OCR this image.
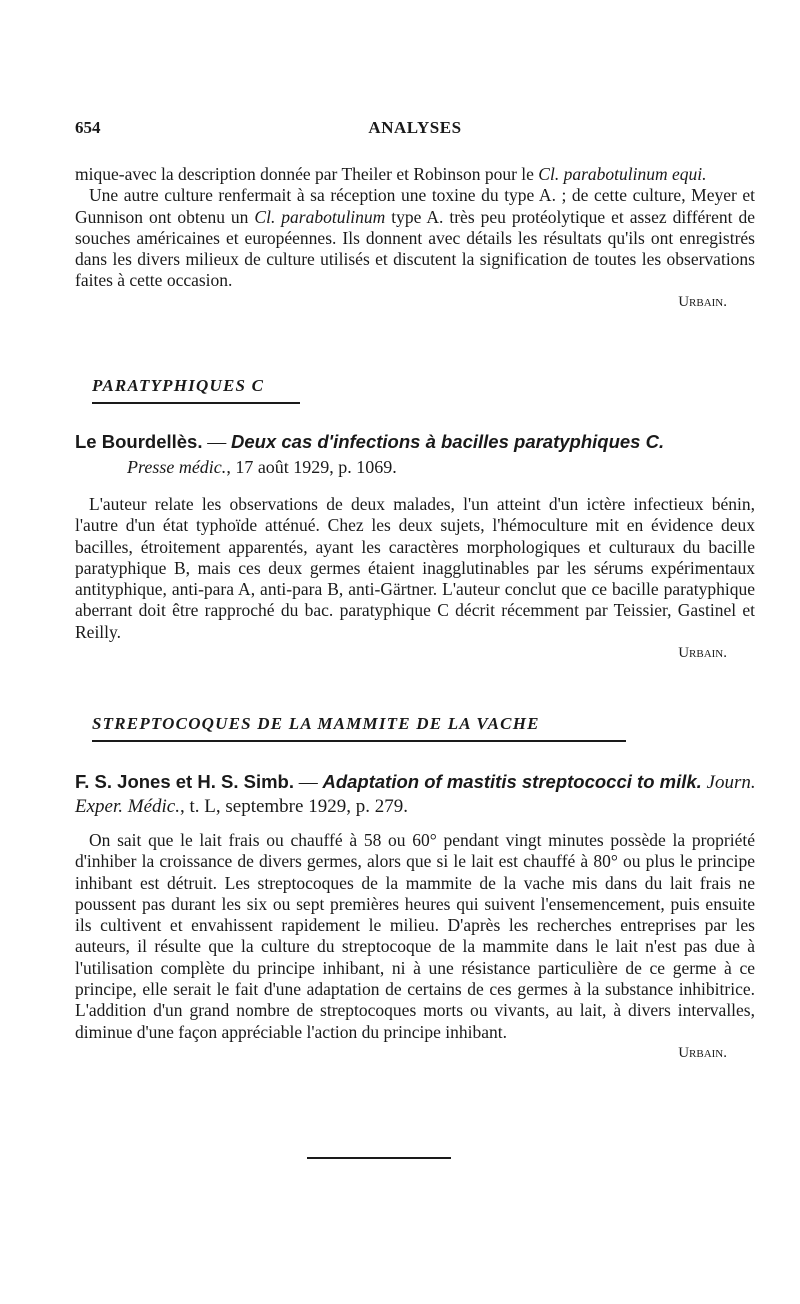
654	ANALYSES

mique-avec la description donnée par Theiler et Robinson pour le Cl. parabotulinum equi.

Une autre culture renfermait à sa réception une toxine du type A. ; de cette culture, Meyer et Gunnison ont obtenu un Cl. parabotulinum type A. très peu protéolytique et assez différent de souches américaines et européennes. Ils donnent avec détails les résultats qu'ils ont enregistrés dans les divers milieux de culture utilisés et discutent la signification de toutes les observations faites à cette occasion.

Urbain.

PARATYPHIQUES C
Le Bourdellès. — Deux cas d'infections à bacilles paratyphiques C.
Presse médic., 17 août 1929, p. 1069.

L'auteur relate les observations de deux malades, l'un atteint d'un ictère infectieux bénin, l'autre d'un état typhoïde atténué. Chez les deux sujets, l'hémoculture mit en évidence deux bacilles, étroitement apparentés, ayant les caractères morphologiques et culturaux du bacille paratyphique B, mais ces deux germes étaient inagglutinables par les sérums expérimentaux antityphique, anti-para A, anti-para B, anti-Gärtner. L'auteur conclut que ce bacille paratyphique aberrant doit être rapproché du bac. paratyphique C décrit récemment par Teissier, Gastinel et Reilly.

Urbain.

STREPTOCOQUES DE LA MAMMITE DE LA VACHE
F. S. Jones et H. S. Simb. — Adaptation of mastitis streptococci to milk. Journ. Exper. Médic., t. L, septembre 1929, p. 279.

On sait que le lait frais ou chauffé à 58 ou 60° pendant vingt minutes possède la propriété d'inhiber la croissance de divers germes, alors que si le lait est chauffé à 80° ou plus le principe inhibant est détruit. Les streptocoques de la mammite de la vache mis dans du lait frais ne poussent pas durant les six ou sept premières heures qui suivent l'ensemencement, puis ensuite ils cultivent et envahissent rapidement le milieu. D'après les recherches entreprises par les auteurs, il résulte que la culture du streptocoque de la mammite dans le lait n'est pas due à l'utilisation complète du principe inhibant, ni à une résistance particulière de ce germe à ce principe, elle serait le fait d'une adaptation de certains de ces germes à la substance inhibitrice. L'addition d'un grand nombre de streptocoques morts ou vivants, au lait, à divers intervalles, diminue d'une façon appréciable l'action du principe inhibant.

Urbain.
